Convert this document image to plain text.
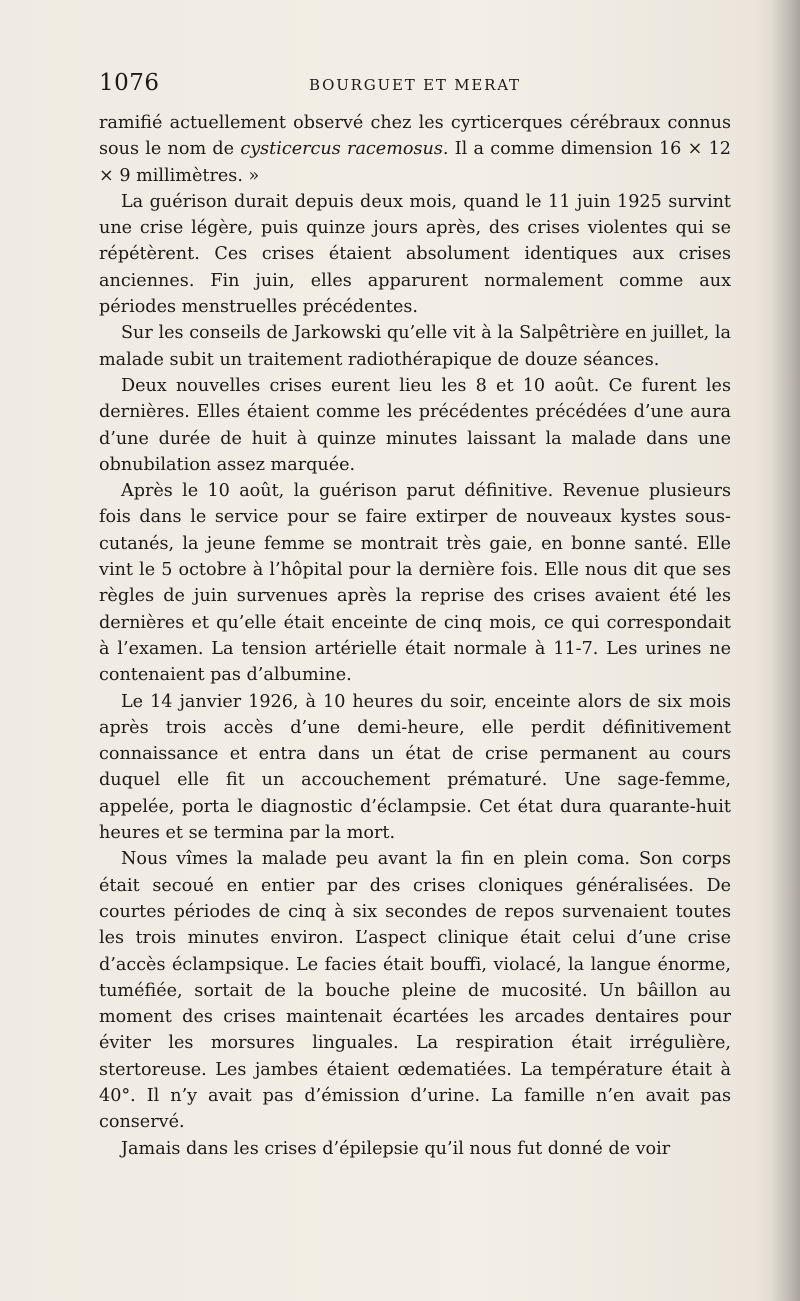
1076	BOURGUET ET MERAT

ramifié actuellement observé chez les cyrticerques cérébraux connus sous le nom de cysticercus racemosus. Il a comme dimension 16 × 12 × 9 millimètres. »

La guérison durait depuis deux mois, quand le 11 juin 1925 survint une crise légère, puis quinze jours après, des crises violentes qui se répétèrent. Ces crises étaient absolument identiques aux crises anciennes. Fin juin, elles apparurent normalement comme aux périodes menstruelles précédentes.

Sur les conseils de Jarkowski qu’elle vit à la Salpêtrière en juillet, la malade subit un traitement radiothérapique de douze séances.

Deux nouvelles crises eurent lieu les 8 et 10 août. Ce furent les dernières. Elles étaient comme les précédentes précédées d’une aura d’une durée de huit à quinze minutes laissant la malade dans une obnubilation assez marquée.

Après le 10 août, la guérison parut définitive. Revenue plusieurs fois dans le service pour se faire extirper de nouveaux kystes sous-cutanés, la jeune femme se montrait très gaie, en bonne santé. Elle vint le 5 octobre à l’hôpital pour la dernière fois. Elle nous dit que ses règles de juin survenues après la reprise des crises avaient été les dernières et qu’elle était enceinte de cinq mois, ce qui correspondait à l’examen. La tension artérielle était normale à 11-7. Les urines ne contenaient pas d’albumine.

Le 14 janvier 1926, à 10 heures du soir, enceinte alors de six mois après trois accès d’une demi-heure, elle perdit définitivement connaissance et entra dans un état de crise permanent au cours duquel elle fit un accouchement prématuré. Une sage-femme, appelée, porta le diagnostic d’éclampsie. Cet état dura quarante-huit heures et se termina par la mort.

Nous vîmes la malade peu avant la fin en plein coma. Son corps était secoué en entier par des crises cloniques généralisées. De courtes périodes de cinq à six secondes de repos survenaient toutes les trois minutes environ. L’aspect clinique était celui d’une crise d’accès éclampsique. Le facies était bouffi, violacé, la langue énorme, tuméfiée, sortait de la bouche pleine de mucosité. Un bâillon au moment des crises maintenait écartées les arcades dentaires pour éviter les morsures linguales. La respiration était irrégulière, stertoreuse. Les jambes étaient œdematiées. La température était à 40°. Il n’y avait pas d’émission d’urine. La famille n’en avait pas conservé.

Jamais dans les crises d’épilepsie qu’il nous fut donné de voir
